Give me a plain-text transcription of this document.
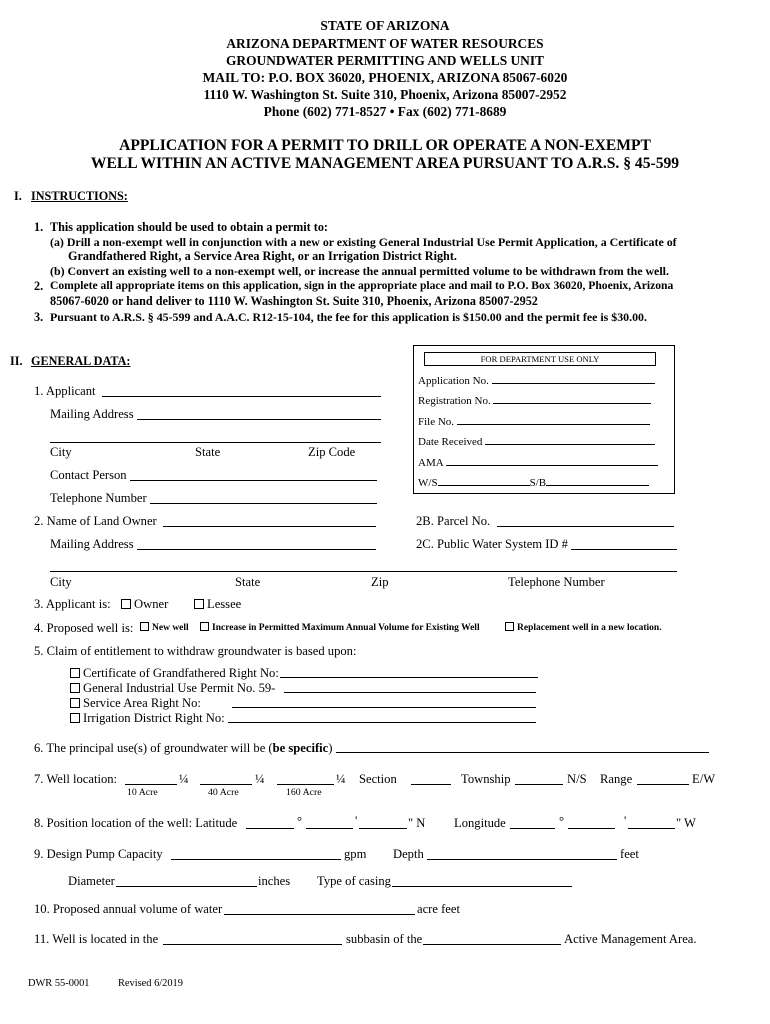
STATE OF ARIZONA
ARIZONA DEPARTMENT OF WATER RESOURCES
GROUNDWATER PERMITTING AND WELLS UNIT
MAIL TO: P.O. BOX 36020, PHOENIX, ARIZONA 85067-6020
1110 W. Washington St. Suite 310, Phoenix, Arizona 85007-2952
Phone (602) 771-8527 • Fax (602) 771-8689
APPLICATION FOR A PERMIT TO DRILL OR OPERATE A NON-EXEMPT
WELL WITHIN AN ACTIVE MANAGEMENT AREA PURSUANT TO A.R.S. § 45-599
I. INSTRUCTIONS:
1. This application should be used to obtain a permit to:
(a) Drill a non-exempt well in conjunction with a new or existing General Industrial Use Permit Application, a Certificate of
Grandfathered Right, a Service Area Right, or an Irrigation District Right.
(b) Convert an existing well to a non-exempt well, or increase the annual permitted volume to be withdrawn from the well.
2. Complete all appropriate items on this application, sign in the appropriate place and mail to P.O. Box 36020, Phoenix, Arizona
85067-6020 or hand deliver to 1110 W. Washington St. Suite 310, Phoenix, Arizona 85007-2952
3. Pursuant to A.R.S. § 45-599 and A.A.C. R12-15-104, the fee for this application is $150.00 and the permit fee is $30.00.
II. GENERAL DATA:	FOR DEPARTMENT USE ONLY
Application No.
Registration No.
File No.
Date Received
AMA
W/S	S/B
1. Applicant
Mailing Address
City	State	Zip Code
Contact Person
Telephone Number
2. Name of Land Owner	2B. Parcel No.
Mailing Address	2C. Public Water System ID #
City	State	Zip	Telephone Number
3. Applicant is:	Owner	Lessee
4. Proposed well is:	New well	Increase in Permitted Maximum Annual Volume for Existing Well	Replacement well in a new location.
5. Claim of entitlement to withdraw groundwater is based upon:
Certificate of Grandfathered Right No:
General Industrial Use Permit No. 59-
Service Area Right No:
Irrigation District Right No:
6. The principal use(s) of groundwater will be (be specific)
7. Well location:	¼	¼	¼ Section	Township	N/S Range	E/W
10 Acre	40 Acre	160 Acre
8. Position location of the well: Latitude	°	'	" N Longitude	°	'	" W
9. Design Pump Capacity	gpm Depth	feet
Diameter	inches Type of casing
10. Proposed annual volume of water	acre feet
11. Well is located in the	subbasin of the	Active Management Area.
DWR 55-0001	Revised 6/2019
